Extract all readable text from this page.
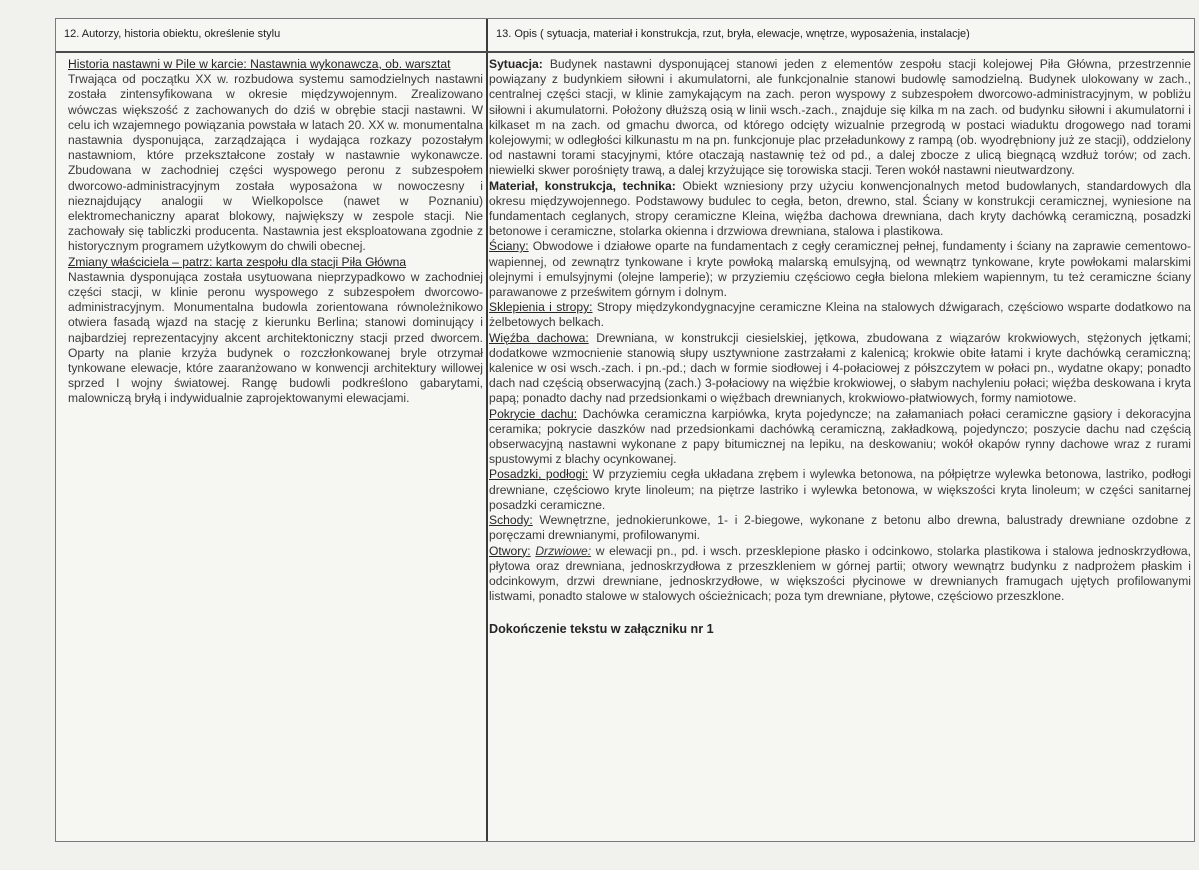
12. Autorzy, historia obiektu, określenie stylu	13. Opis ( sytuacja, materiał i konstrukcja, rzut, bryła, elewacje, wnętrze, wyposażenia, instalacje)

Historia nastawni w Pile w karcie: Nastawnia wykonawcza, ob. warsztat

Trwająca od początku XX w. rozbudowa systemu samodzielnych nastawni została zintensyfikowana w okresie międzywojennym. Zrealizowano wówczas większość z zachowanych do dziś w obrębie stacji nastawni. W celu ich wzajemnego powiązania powstała w latach 20. XX w. monumentalna nastawnia dysponująca, zarządzająca i wydająca rozkazy pozostałym nastawniom, które przekształcone zostały w nastawnie wykonawcze. Zbudowana w zachodniej części wyspowego peronu z subzespołem dworcowo-administracyjnym została wyposażona w nowoczesny i nieznajdujący analogii w Wielkopolsce (nawet w Poznaniu) elektromechaniczny aparat blokowy, największy w zespole stacji. Nie zachowały się tabliczki producenta. Nastawnia jest eksploatowana zgodnie z historycznym programem użytkowym do chwili obecnej.

Zmiany właściciela – patrz: karta zespołu dla stacji Piła Główna

Nastawnia dysponująca została usytuowana nieprzypadkowo w zachodniej części stacji, w klinie peronu wyspowego z subzespołem dworcowo-administracyjnym. Monumentalna budowla zorientowana równoleżnikowo otwiera fasadą wjazd na stację z kierunku Berlina; stanowi dominujący i najbardziej reprezentacyjny akcent architektoniczny stacji przed dworcem. Oparty na planie krzyża budynek o rozczłonkowanej bryle otrzymał tynkowane elewacje, które zaaranżowano w konwencji architektury willowej sprzed I wojny światowej. Rangę budowli podkreślono gabarytami, malowniczą bryłą i indywidualnie zaprojektowanymi elewacjami.

Sytuacja: Budynek nastawni dysponującej stanowi jeden z elementów zespołu stacji kolejowej Piła Główna, przestrzennie powiązany z budynkiem siłowni i akumulatorni, ale funkcjonalnie stanowi budowlę samodzielną. Budynek ulokowany w zach., centralnej części stacji, w klinie zamykającym na zach. peron wyspowy z subzespołem dworcowo-administracyjnym, w pobliżu siłowni i akumulatorni. Położony dłuższą osią w linii wsch.-zach., znajduje się kilka m na zach. od budynku siłowni i akumulatorni i kilkaset m na zach. od gmachu dworca, od którego odcięty wizualnie przegrodą w postaci wiaduktu drogowego nad torami kolejowymi; w odległości kilkunastu m na pn. funkcjonuje plac przeładunkowy z rampą (ob. wyodrębniony już ze stacji), oddzielony od nastawni torami stacyjnymi, które otaczają nastawnię też od pd., a dalej zbocze z ulicą biegnącą wzdłuż torów; od zach. niewielki skwer porośnięty trawą, a dalej krzyżujące się torowiska stacji. Teren wokół nastawni nieutwardzony.

Materiał, konstrukcja, technika: Obiekt wzniesiony przy użyciu konwencjonalnych metod budowlanych, standardowych dla okresu międzywojennego. Podstawowy budulec to cegła, beton, drewno, stal. Ściany w konstrukcji ceramicznej, wyniesione na fundamentach ceglanych, stropy ceramiczne Kleina, więźba dachowa drewniana, dach kryty dachówką ceramiczną, posadzki betonowe i ceramiczne, stolarka okienna i drzwiowa drewniana, stalowa i plastikowa.

Ściany: Obwodowe i działowe oparte na fundamentach z cegły ceramicznej pełnej, fundamenty i ściany na zaprawie cementowo-wapiennej, od zewnątrz tynkowane i kryte powłoką malarską emulsyjną, od wewnątrz tynkowane, kryte powłokami malarskimi olejnymi i emulsyjnymi (olejne lamperie); w przyziemiu częściowo cegła bielona mlekiem wapiennym, tu też ceramiczne ściany parawanowe z prześwitem górnym i dolnym.

Sklepienia i stropy: Stropy międzykondygnacyjne ceramiczne Kleina na stalowych dźwigarach, częściowo wsparte dodatkowo na żelbetowych belkach.

Więźba dachowa: Drewniana, w konstrukcji ciesielskiej, jętkowa, zbudowana z wiązarów krokwiowych, stężonych jętkami; dodatkowe wzmocnienie stanowią słupy usztywnione zastrzałami z kalenicą; krokwie obite łatami i kryte dachówką ceramiczną; kalenice w osi wsch.-zach. i pn.-pd.; dach w formie siodłowej i 4-połaciowej z półszczytem w połaci pn., wydatne okapy; ponadto dach nad częścią obserwacyjną (zach.) 3-połaciowy na więźbie krokwiowej, o słabym nachyleniu połaci; więźba deskowana i kryta papą; ponadto dachy nad przedsionkami o więźbach drewnianych, krokwiowo-płatwiowych, formy namiotowe.

Pokrycie dachu: Dachówka ceramiczna karpiówka, kryta pojedyncze; na załamaniach połaci ceramiczne gąsiory i dekoracyjna ceramika; pokrycie daszków nad przedsionkami dachówką ceramiczną, zakładkową, pojedynczo; poszycie dachu nad częścią obserwacyjną nastawni wykonane z papy bitumicznej na lepiku, na deskowaniu; wokół okapów rynny dachowe wraz z rurami spustowymi z blachy ocynkowanej.

Posadzki, podłogi: W przyziemiu cegła układana zrębem i wylewka betonowa, na półpiętrze wylewka betonowa, lastriko, podłogi drewniane, częściowo kryte linoleum; na piętrze lastriko i wylewka betonowa, w większości kryta linoleum; w części sanitarnej posadzki ceramiczne.

Schody: Wewnętrzne, jednokierunkowe, 1- i 2-biegowe, wykonane z betonu albo drewna, balustrady drewniane ozdobne z poręczami drewnianymi, profilowanymi.

Otwory: Drzwiowe: w elewacji pn., pd. i wsch. przesklepione płasko i odcinkowo, stolarka plastikowa i stalowa jednoskrzydłowa, płytowa oraz drewniana, jednoskrzydłowa z przeszkleniem w górnej partii; otwory wewnątrz budynku z nadprożem płaskim i odcinkowym, drzwi drewniane, jednoskrzydłowe, w większości płycinowe w drewnianych framugach ujętych profilowanymi listwami, ponadto stalowe w stalowych ościeżnicach; poza tym drewniane, płytowe, częściowo przeszklone.

Dokończenie tekstu w załączniku nr 1
